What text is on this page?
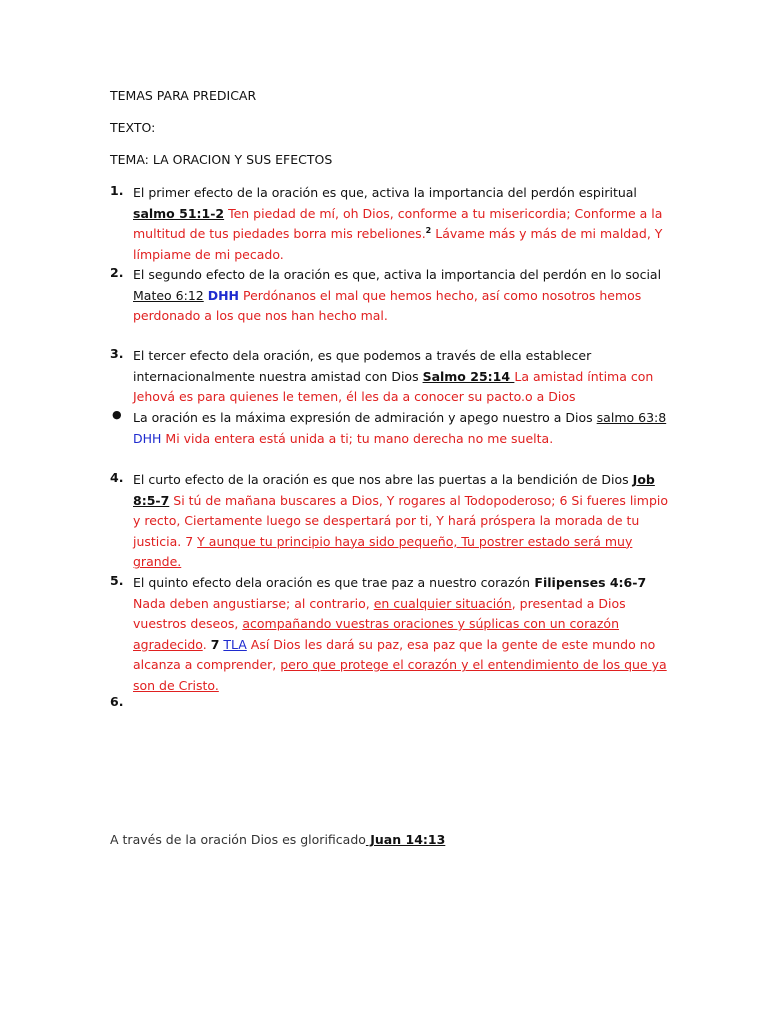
TEMAS PARA PREDICAR
TEXTO:
TEMA: LA ORACION Y SUS EFECTOS
1. El primer efecto de la oración es que, activa la importancia del perdón espiritual
salmo 51:1-2 Ten piedad de mí, oh Dios, conforme a tu misericordia; Conforme a la multitud de tus piedades borra mis rebeliones.$^2$ Lávame más y más de mi maldad, Y límpiame de mi pecado.
2. El segundo efecto de la oración es que, activa la importancia del perdón en lo social
Mateo 6:12 DHH Perdónanos el mal que hemos hecho, así como nosotros hemos perdonado a los que nos han hecho mal.
3. El tercer efecto dela oración, es que podemos a través de ella establecer internacionalmente nuestra amistad con Dios Salmo 25:14 La amistad íntima con Jehová es para quienes le temen, él les da a conocer su pacto.o a Dios
● La oración es la máxima expresión de admiración y apego nuestro a Dios salmo 63:8 DHH Mi vida entera está unida a ti; tu mano derecha no me suelta.
4. El curto efecto de la oración es que nos abre las puertas a la bendición de Dios Job 8:5-7 Si tú de mañana buscares a Dios, Y rogares al Todopoderoso; 6 Si fueres limpio y recto, Ciertamente luego se despertará por ti, Y hará próspera la morada de tu justicia. 7 Y aunque tu principio haya sido pequeño, Tu postrer estado será muy grande.
5. El quinto efecto dela oración es que trae paz a nuestro corazón Filipenses 4:6-7
Nada deben angustiarse; al contrario, en cualquier situación, presentad a Dios vuestros deseos, acompañando vuestras oraciones y súplicas con un corazón agradecido. 7 TLA Así Dios les dará su paz, esa paz que la gente de este mundo no alcanza a comprender, pero que protege el corazón y el entendimiento de los que ya son de Cristo.
6.
A través de la oración Dios es glorificado Juan 14:13
